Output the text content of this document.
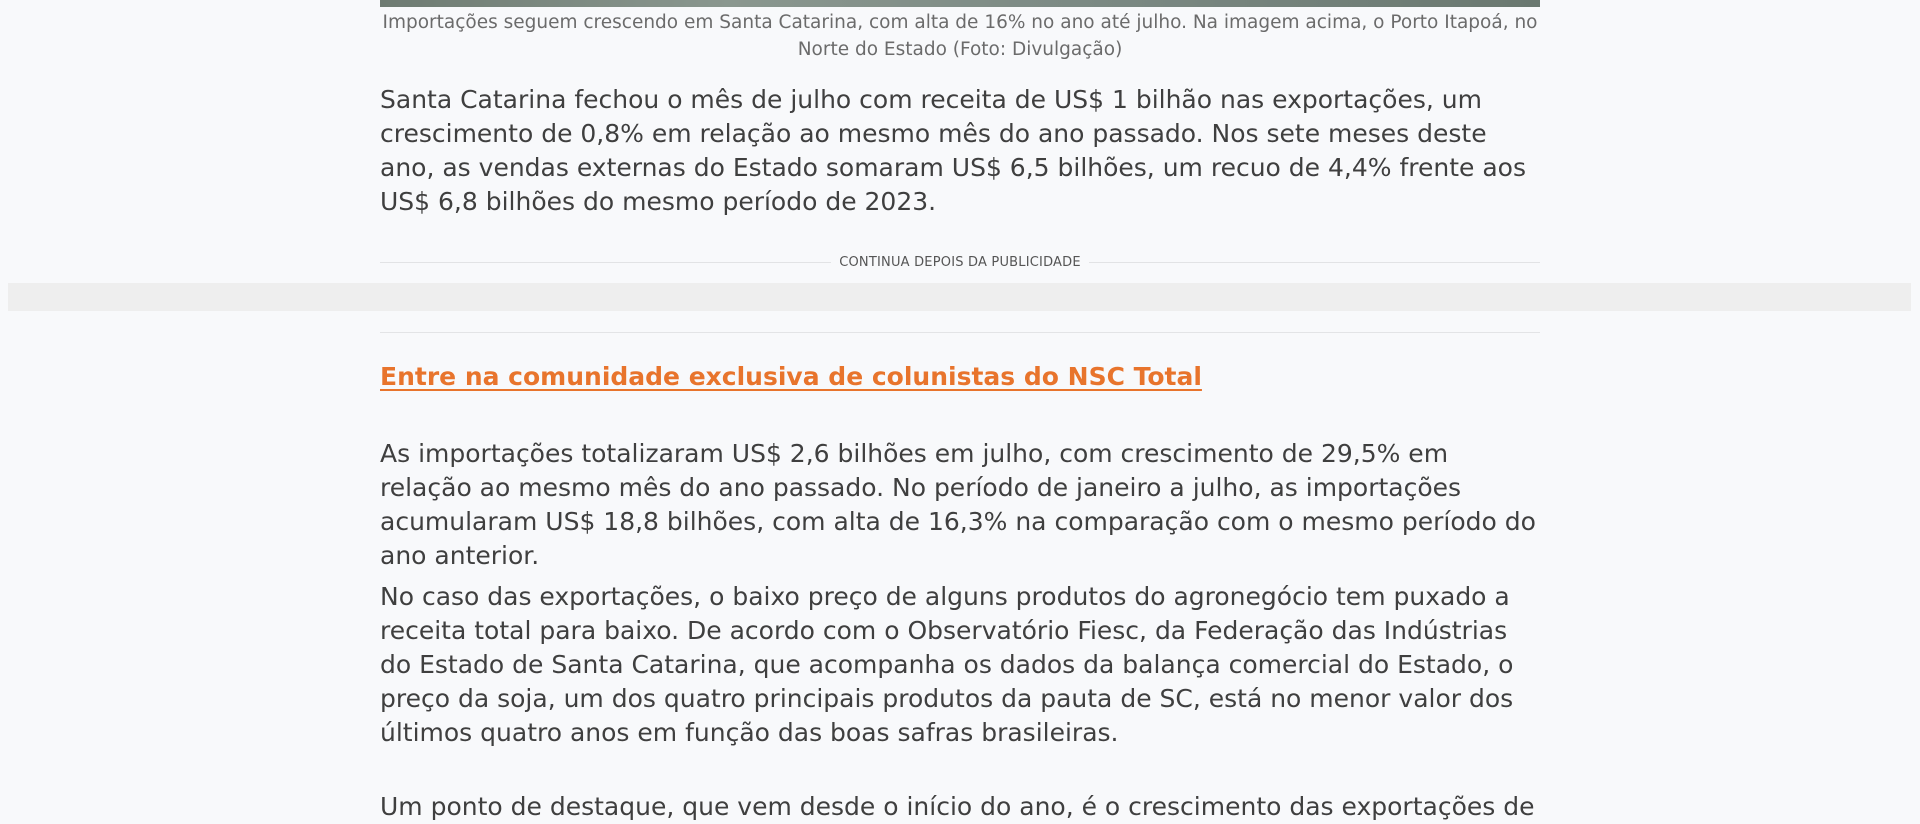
Importações seguem crescendo em Santa Catarina, com alta de 16% no ano até julho. Na imagem acima, o Porto Itapoá, no Norte do Estado (Foto: Divulgação)

Santa Catarina fechou o mês de julho com receita de US$ 1 bilhão nas exportações, um crescimento de 0,8% em relação ao mesmo mês do ano passado. Nos sete meses deste ano, as vendas externas do Estado somaram US$ 6,5 bilhões, um recuo de 4,4% frente aos US$ 6,8 bilhões do mesmo período de 2023.

CONTINUA DEPOIS DA PUBLICIDADE
Entre na comunidade exclusiva de colunistas do NSC Total

As importações totalizaram US$ 2,6 bilhões em julho, com crescimento de 29,5% em relação ao mesmo mês do ano passado. No período de janeiro a julho, as importações acumularam US$ 18,8 bilhões, com alta de 16,3% na comparação com o mesmo período do ano anterior.

No caso das exportações, o baixo preço de alguns produtos do agronegócio tem puxado a receita total para baixo. De acordo com o Observatório Fiesc, da Federação das Indústrias do Estado de Santa Catarina, que acompanha os dados da balança comercial do Estado, o preço da soja, um dos quatro principais produtos da pauta de SC, está no menor valor dos últimos quatro anos em função das boas safras brasileiras.

Um ponto de destaque, que vem desde o início do ano, é o crescimento das exportações de
